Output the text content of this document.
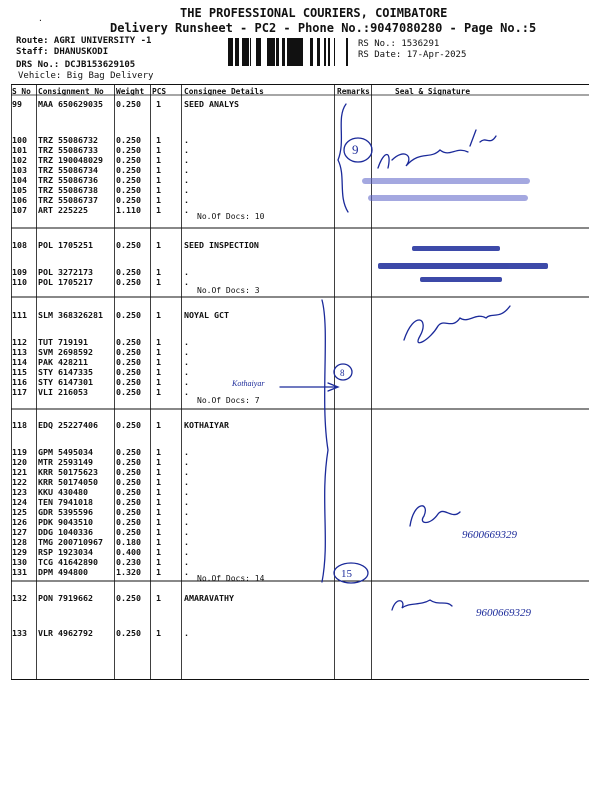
THE PROFESSIONAL COURIERS, COIMBATORE
.
Delivery Runsheet - PC2 - Phone No.:9047080280 - Page No.:5
Route: AGRI UNIVERSITY -1
Staff: DHANUSKODI
DRS No.: DCJB153629105
Vehicle: Big Bag Delivery
RS No.: 1536291
RS Date: 17-Apr-2025
S No Consignment No Weight PCS Consignee Details	Remarks	Seal & Signature
99 MAA 650629035 0.250 1	SEED ANALYS
100 TRZ 55086732 0.250 1	.
101 TRZ 55086733 0.250 1	.
102 TRZ 190048029 0.250 1	.
103 TRZ 55086734 0.250 1	.
104 TRZ 55086736 0.250 1	.
105 TRZ 55086738 0.250 1	.
106 TRZ 55086737 0.250 1	.
107 ART 225225	1.110 1	.
No.Of Docs: 10
108 POL 1705251	0.250 1	SEED INSPECTION
109 POL 3272173	0.250 1	.
110 POL 1705217	0.250 1	.
No.Of Docs: 3
111 SLM 368326281 0.250 1	NOYAL GCT
112 TUT 719191	0.250 1	.
113 SVM 2698592	0.250 1	.
114 PAK 428211	0.250 1	.
115 STY 6147335	0.250 1	.
116 STY 6147301	0.250 1	.
117 VLI 216053	0.250 1	.
No.Of Docs: 7
118 EDQ 25227406 0.250 1	KOTHAIYAR
119 GPM 5495034	0.250 1	.
120 MTR 2593149	0.250 1	.
121 KRR 50175623 0.250 1	.
122 KRR 50174050 0.250 1	.
123 KKU 430480	0.250 1	.
124 TEN 7941018	0.250 1	.
125 GDR 5395596	0.250 1	.
126 PDK 9043510	0.250 1	.
127 DDG 1040336	0.250 1	.
128 TMG 200710967 0.180 1	.
129 RSP 1923034	0.400 1	.
130 TCG 41642890 0.230 1	.
131 DPM 494800	1.320 1	.
No.Of Docs: 14
132 PON 7919662	0.250 1	AMARAVATHY
133 VLR 4962792	0.250 1	.
9
8
15
Kothaiyar
9600669329
9600669329
